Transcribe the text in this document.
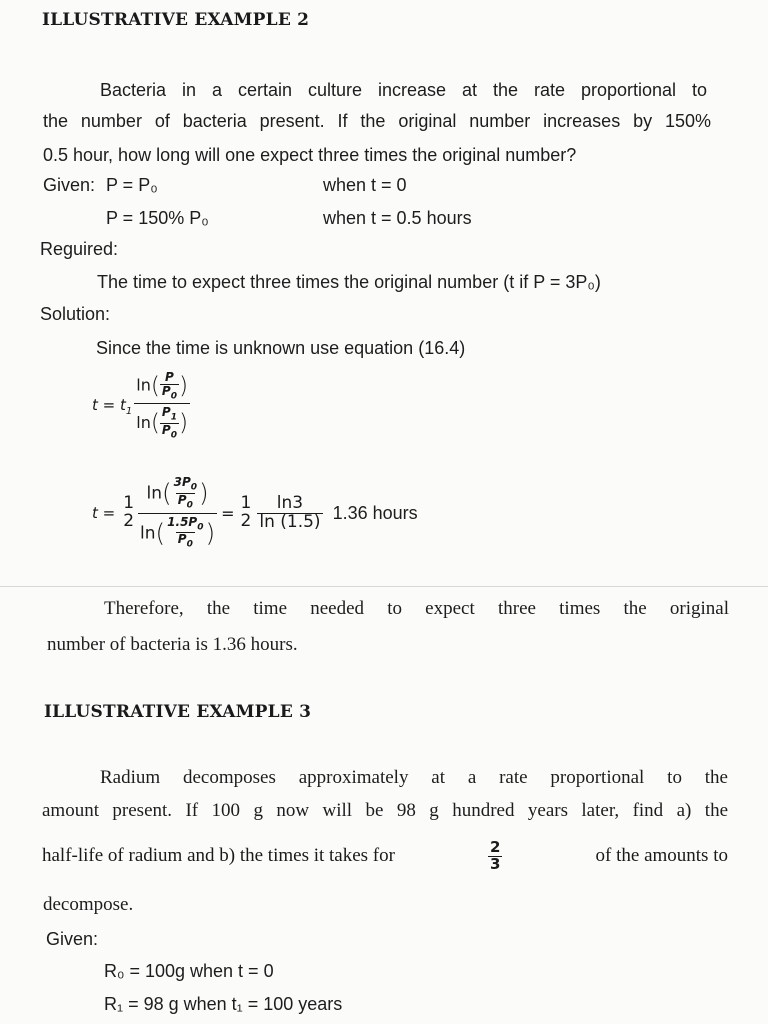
ILLUSTRATIVE EXAMPLE 2
Bacteria in a certain culture increase at the rate proportional to
the number of bacteria present. If the original number increases by 150%
0.5 hour, how long will one expect three times the original number?
Given: P = P₀	when t = 0
P = 150% P₀	when t = 0.5 hours
Reguired:
The time to expect three times the original number (t if P = 3P₀)
Solution:
Since the time is unknown use equation (16.4)
$t = t_1 \frac{\ln( \frac{P}{P_0} )}{\ln( \frac{P_1}{P_0} )}$
t = 1
$2 \frac{\ln( \frac{3P_0}{P_0} )}{\ln( \frac{1.5P_0}{P_0} )} = 1$
$2 \frac{\ln 3}{\ln (1.5)} 1.36$ hours
Therefore, the time needed to expect three times the original
number of bacteria is 1.36 hours.
ILLUSTRATIVE EXAMPLE 3
Radium decomposes approximately at a rate proportional to the
amount present. If 100 g now will be 98 g hundred years later, find a) the
half-life of radium and b) the times it takes for	$\frac{2}{3}$	of the amounts to
decompose.
Given:
R₀ = 100g when t = 0
R₁ = 98 g when t₁ = 100 years
